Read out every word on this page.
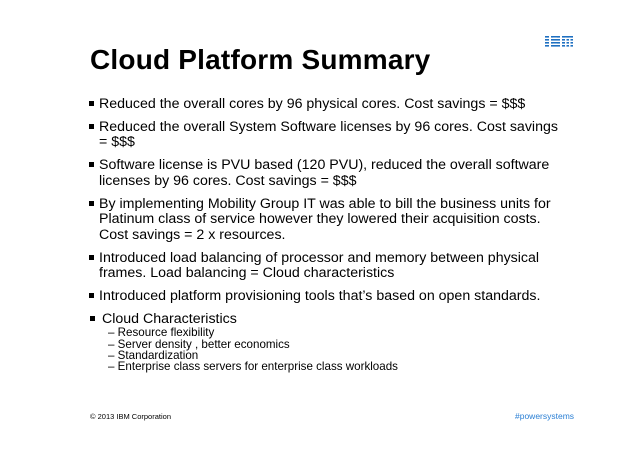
Cloud Platform Summary
Reduced the overall cores by 96 physical cores. Cost savings = $$$
Reduced the overall System Software licenses by 96 cores. Cost savings = $$$
Software license is PVU based (120 PVU), reduced the overall software licenses by 96 cores. Cost savings = $$$
By implementing Mobility Group IT was able to bill the business units for Platinum class of service however they lowered their acquisition costs. Cost savings = 2 x resources.
Introduced load balancing of processor and memory between physical frames. Load balancing = Cloud characteristics
Introduced platform provisioning tools that’s based on open standards.
Cloud Characteristics
– Resource flexibility
– Server density , better economics
– Standardization
– Enterprise class servers for enterprise class workloads
© 2013 IBM Corporation	#powersystems
